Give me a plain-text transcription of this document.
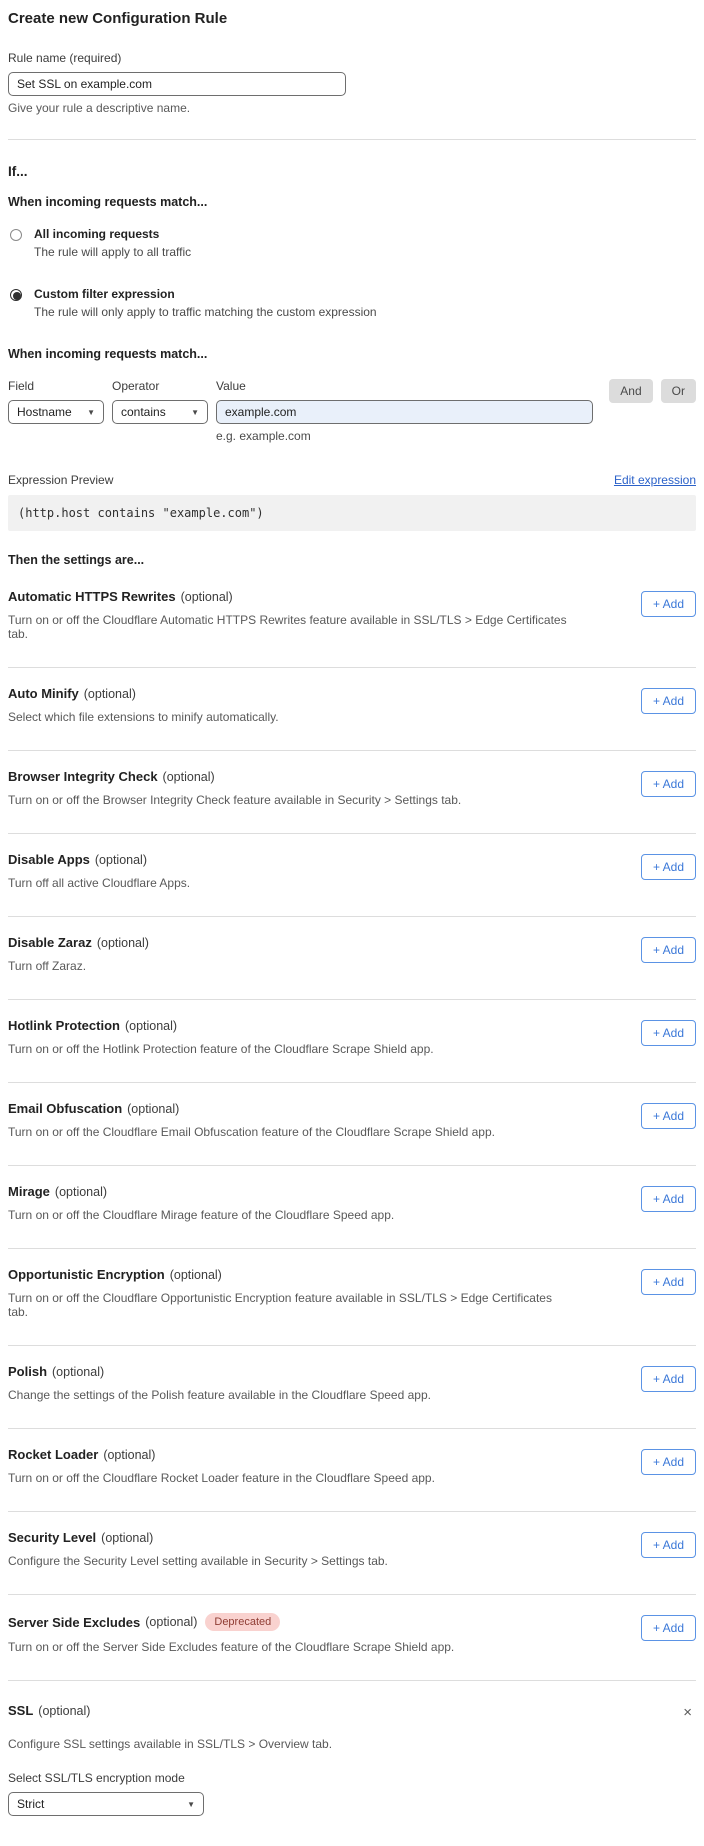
Create new Configuration Rule
Rule name (required)
Set SSL on example.com
Give your rule a descriptive name.
If...
When incoming requests match...
All incoming requests
The rule will apply to all traffic
Custom filter expression
The rule will only apply to traffic matching the custom expression
When incoming requests match...
Field
Hostname ▼
Operator
contains	▼
Value
example.com
e.g. example.com
And	Or
Expression Preview	Edit expression
(http.host contains "example.com")
Then the settings are...
Automatic HTTPS Rewrites (optional)
Turn on or off the Cloudflare Automatic HTTPS Rewrites feature available in SSL/TLS > Edge Certificates tab.
+ Add
Auto Minify (optional)
Select which file extensions to minify automatically.
+ Add
Browser Integrity Check (optional)
Turn on or off the Browser Integrity Check feature available in Security > Settings tab.
+ Add
Disable Apps (optional)
Turn off all active Cloudflare Apps.
+ Add
Disable Zaraz (optional)
Turn off Zaraz.
+ Add
Hotlink Protection (optional)
Turn on or off the Hotlink Protection feature of the Cloudflare Scrape Shield app.
+ Add
Email Obfuscation (optional)
Turn on or off the Cloudflare Email Obfuscation feature of the Cloudflare Scrape Shield app.
+ Add
Mirage (optional)
Turn on or off the Cloudflare Mirage feature of the Cloudflare Speed app.
+ Add
Opportunistic Encryption (optional)
Turn on or off the Cloudflare Opportunistic Encryption feature available in SSL/TLS > Edge Certificates tab.
+ Add
Polish (optional)
Change the settings of the Polish feature available in the Cloudflare Speed app.
+ Add
Rocket Loader (optional)
Turn on or off the Cloudflare Rocket Loader feature in the Cloudflare Speed app.
+ Add
Security Level (optional)
Configure the Security Level setting available in Security > Settings tab.
+ Add
Server Side Excludes (optional)	Deprecated
Turn on or off the Server Side Excludes feature of the Cloudflare Scrape Shield app.
+ Add
SSL (optional)	×
Configure SSL settings available in SSL/TLS > Overview tab.
Select SSL/TLS encryption mode
Strict	▼
